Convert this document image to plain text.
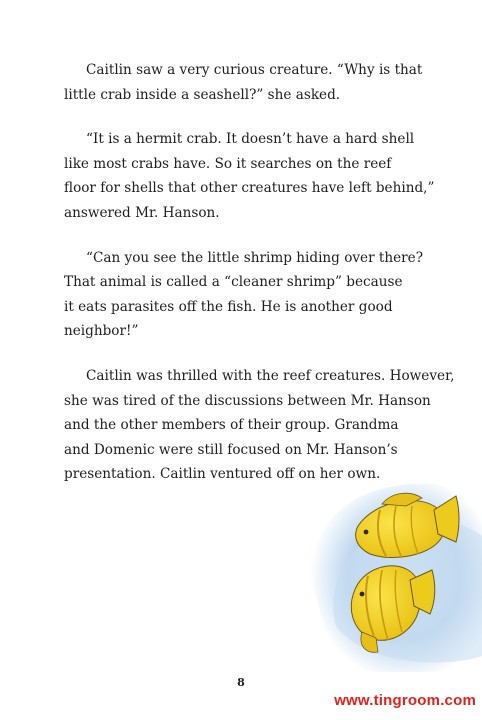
Caitlin saw a very curious creature. “Why is that
little crab inside a seashell?” she asked.

“It is a hermit crab. It doesn’t have a hard shell
like most crabs have. So it searches on the reef
floor for shells that other creatures have left behind,”
answered Mr. Hanson.

“Can you see the little shrimp hiding over there?
That animal is called a “cleaner shrimp” because
it eats parasites off the fish. He is another good
neighbor!”

Caitlin was thrilled with the reef creatures. However,
she was tired of the discussions between Mr. Hanson
and the other members of their group. Grandma
and Domenic were still focused on Mr. Hanson’s
presentation. Caitlin ventured off on her own.

8
www.tingroom.com
